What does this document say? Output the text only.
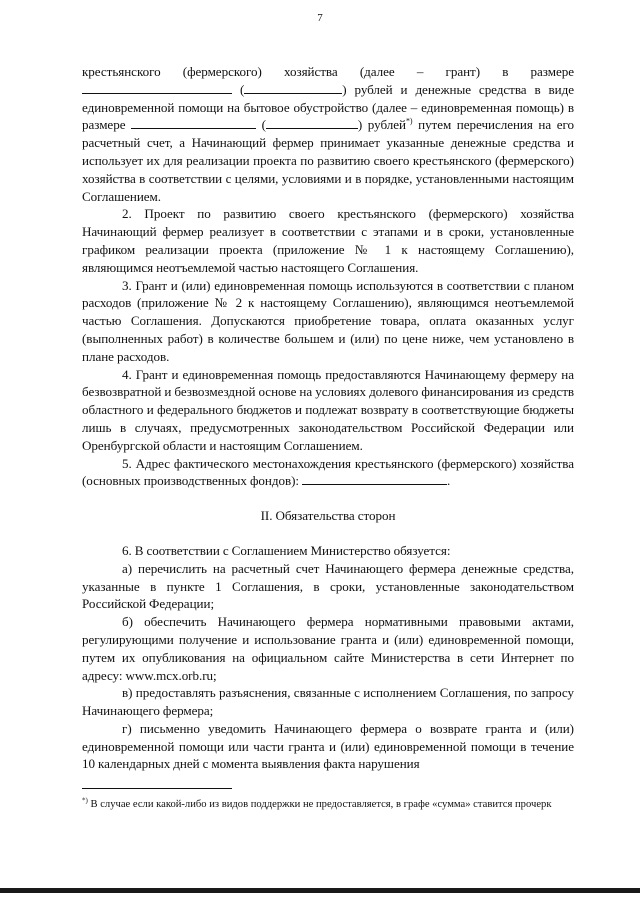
7

крестьянского (фермерского) хозяйства (далее – грант) в размере  (	) рублей и денежные средства в виде единовременной помощи на бытовое обустройство (далее – единовременная помощь) в размере	(	) рублей*) путем перечисления на его расчетный счет, а Начинающий фермер принимает указанные денежные средства и использует их для реализации проекта по развитию своего крестьянского (фермерского) хозяйства в соответствии с целями, условиями и в порядке, установленными настоящим Соглашением.

2. Проект по развитию своего крестьянского (фермерского) хозяйства Начинающий фермер реализует в соответствии с этапами и в сроки, установленные графиком реализации проекта (приложение № 1 к настоящему Соглашению), являющимся неотъемлемой частью настоящего Соглашения.

3. Грант и (или) единовременная помощь используются в соответствии с планом расходов (приложение № 2 к настоящему Соглашению), являющимся неотъемлемой частью Соглашения. Допускаются приобретение товара, оплата оказанных услуг (выполненных работ) в количестве большем и (или) по цене ниже, чем установлено в плане расходов.

4. Грант и единовременная помощь предоставляются Начинающему фермеру на безвозвратной и безвозмездной основе на условиях долевого финансирования из средств областного и федерального бюджетов и подлежат возврату в соответствующие бюджеты лишь в случаях, предусмотренных законодательством Российской Федерации или Оренбургской области и настоящим Соглашением.

5. Адрес фактического местонахождения крестьянского (фермерского) хозяйства (основных производственных фондов):	.

II. Обязательства сторон

6. В соответствии с Соглашением Министерство обязуется:

а) перечислить на расчетный счет Начинающего фермера денежные средства, указанные в пункте 1 Соглашения, в сроки, установленные законодательством Российской Федерации;

б) обеспечить Начинающего фермера нормативными правовыми актами, регулирующими получение и использование гранта и (или) единовременной помощи, путем их опубликования на официальном сайте Министерства в сети Интернет по адресу: www.mcx.orb.ru;

в) предоставлять разъяснения, связанные с исполнением Соглашения, по запросу Начинающего фермера;

г) письменно уведомить Начинающего фермера о возврате гранта и (или) единовременной помощи или части гранта и (или) единовременной помощи в течение 10 календарных дней с момента выявления факта нарушения

*) В случае если какой-либо из видов поддержки не предоставляется, в графе «сумма» ставится прочерк
